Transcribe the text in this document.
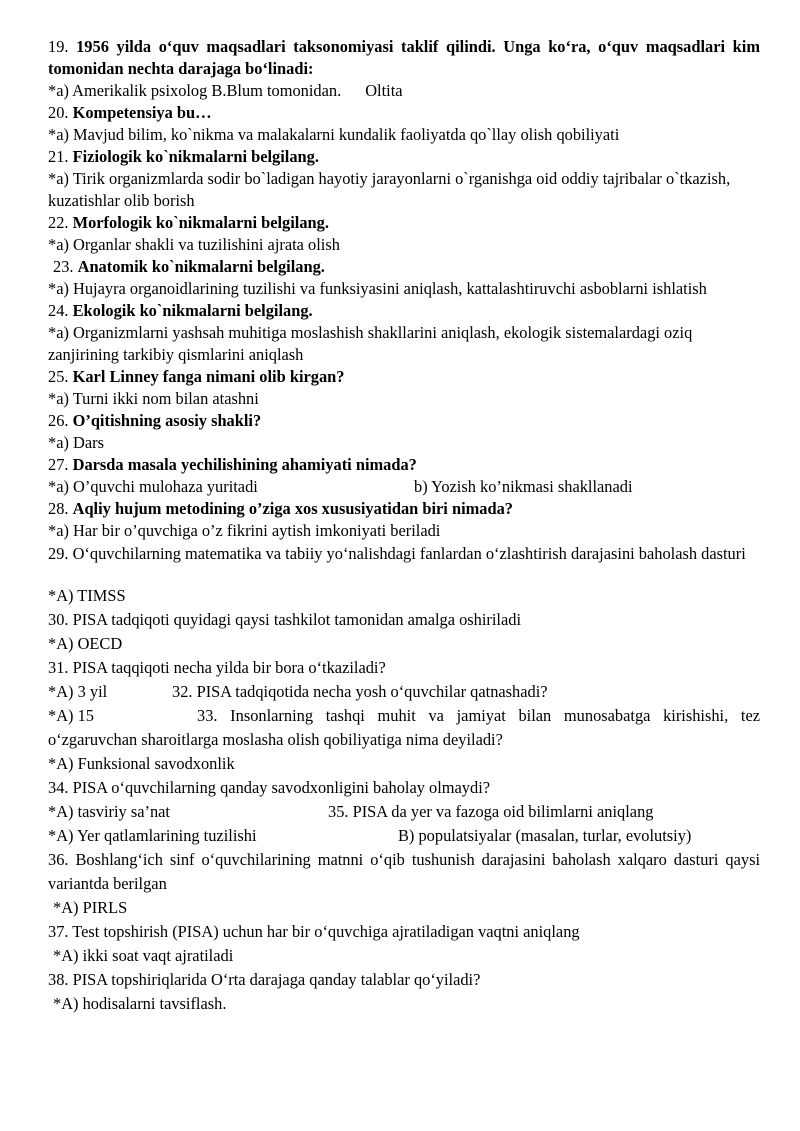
19. 1956 yilda o‘quv maqsadlari taksonomiyasi taklif qilindi. Unga ko‘ra, o‘quv maqsadlari kim tomonidan nechta darajaga bo‘linadi:
*a) Amerikalik psixolog B.Blum tomonidan. Oltita
20. Kompetensiya bu…
*a) Mavjud bilim, ko`nikma va malakalarni kundalik faoliyatda qo`llay olish qobiliyati
21. Fiziologik ko`nikmalarni belgilang.
*a) Tirik organizmlarda sodir bo`ladigan hayotiy jarayonlarni o`rganishga oid oddiy tajribalar o`tkazish, kuzatishlar olib borish
22. Morfologik ko`nikmalarni belgilang.
*a) Organlar shakli va tuzilishini ajrata olish
23. Anatomik ko`nikmalarni belgilang.
*a) Hujayra organoidlarining tuzilishi va funksiyasini aniqlash, kattalashtiruvchi asboblarni ishlatish
24. Ekologik ko`nikmalarni belgilang.
*a) Organizmlarni yashsah muhitiga moslashish shakllarini aniqlash, ekologik sistemalardagi oziq zanjirining tarkibiy qismlarini aniqlash
25. Karl Linney fanga nimani olib kirgan?
*a) Turni ikki nom bilan atashni
26. O’qitishning asosiy shakli?
*a) Dars
27. Darsda masala yechilishining ahamiyati nimada?
*a) O’quvchi mulohaza yuritadi	b) Yozish ko’nikmasi shakllanadi
28. Aqliy hujum metodining o’ziga xos xususiyatidan biri nimada?
*a) Har bir o’quvchiga o’z fikrini aytish imkoniyati beriladi
29. O‘quvchilarning matematika va tabiiy yo‘nalishdagi fanlardan o‘zlashtirish darajasini baholash dasturi
*A) TIMSS
30. PISA tadqiqoti quyidagi qaysi tashkilot tamonidan amalga oshiriladi
*A) OECD
31. PISA taqqiqoti necha yilda bir bora o‘tkaziladi?
*A) 3 yil	32. PISA tadqiqotida necha yosh o‘quvchilar qatnashadi?
*A) 15	33. Insonlarning tashqi muhit va jamiyat bilan munosabatga kirishishi, tez o‘zgaruvchan sharoitlarga moslasha olish qobiliyatiga nima deyiladi?
*A) Funksional savodxonlik
34. PISA o‘quvchilarning qanday savodxonligini baholay olmaydi?
*A) tasviriy sa’nat	35. PISA da yer va fazoga oid bilimlarni aniqlang
*A) Yer qatlamlarining tuzilishi	B) populatsiyalar (masalan, turlar, evolutsiy)
36. Boshlang‘ich sinf o‘quvchilarining matnni o‘qib tushunish darajasini baholash xalqaro dasturi qaysi variantda berilgan
*A) PIRLS
37. Test topshirish (PISA) uchun har bir o‘quvchiga ajratiladigan vaqtni aniqlang
*A) ikki soat vaqt ajratiladi
38. PISA topshiriqlarida O‘rta darajaga qanday talablar qo‘yiladi?
*A) hodisalarni tavsiflash.
